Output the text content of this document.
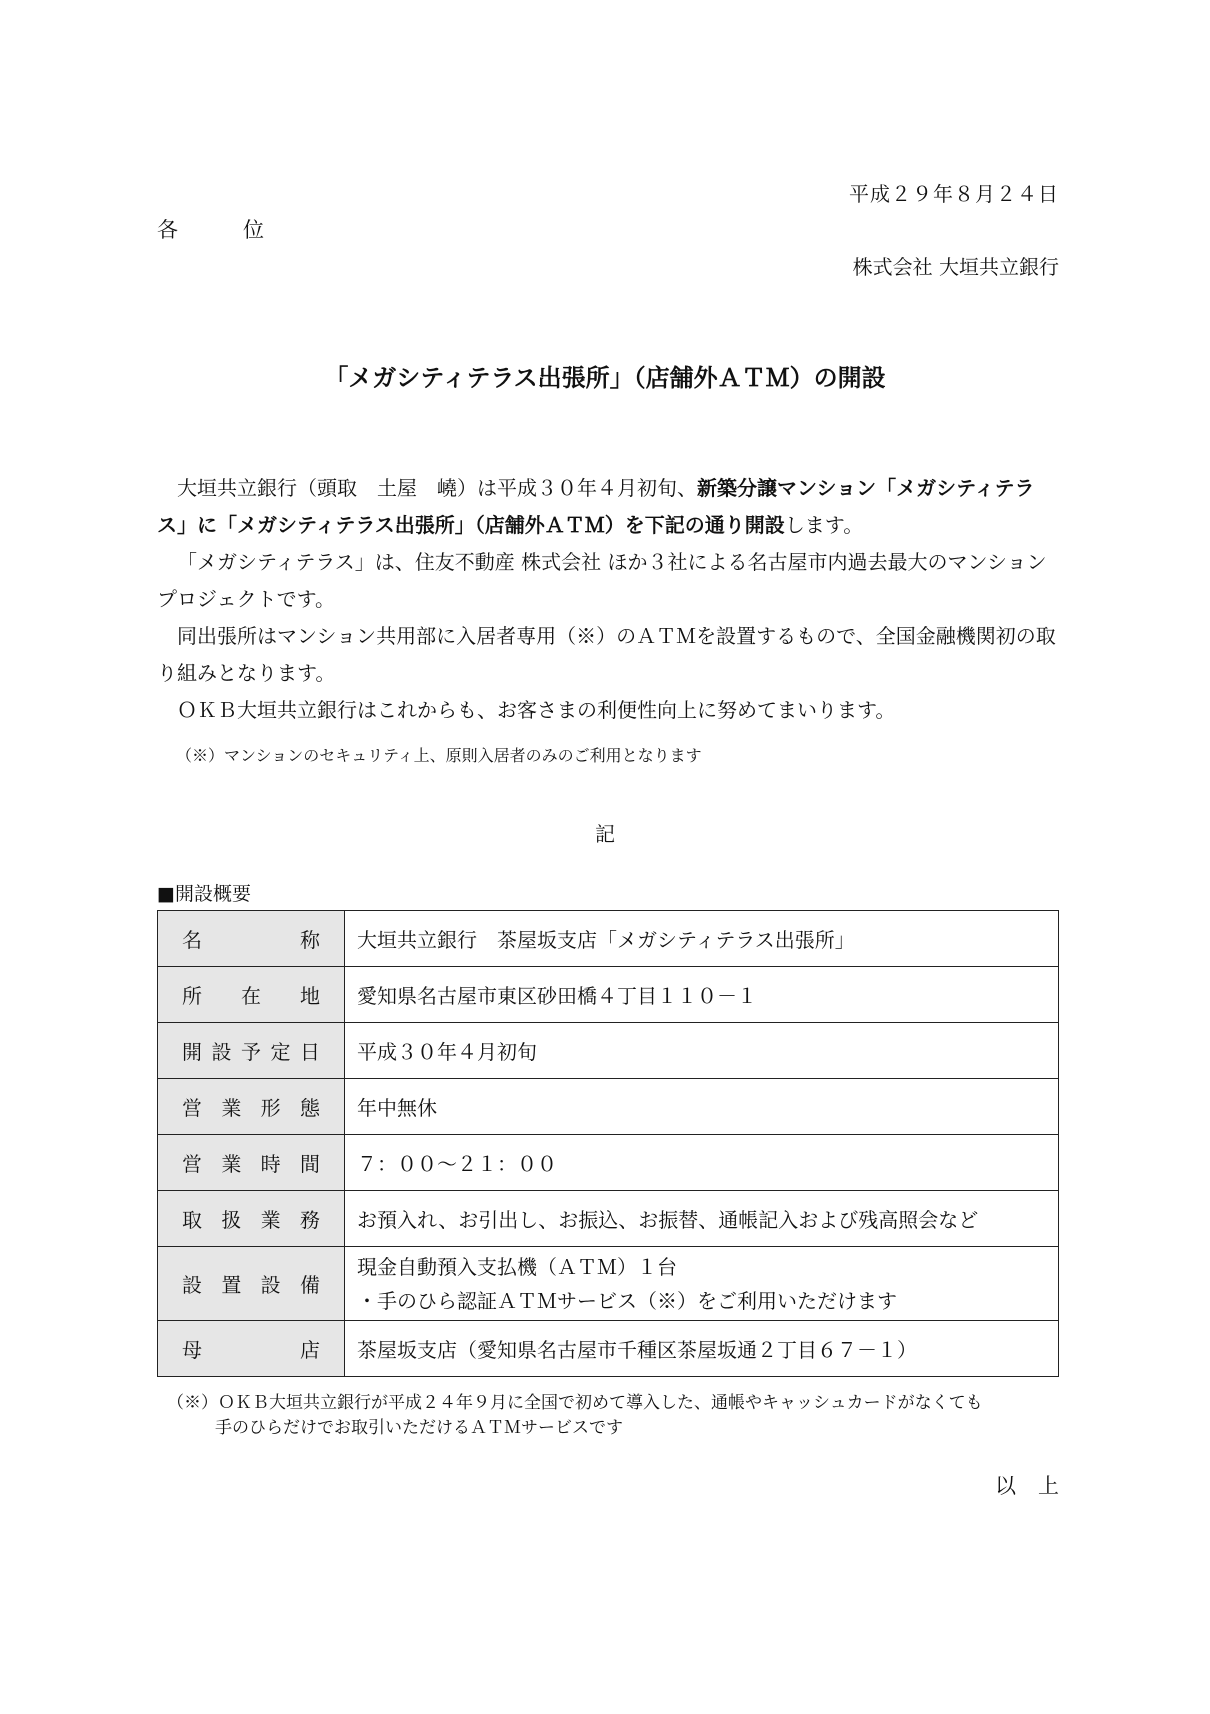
平成２９年８月２４日
各　位
株式会社 大垣共立銀行
「メガシティテラス出張所」（店舗外ＡＴＭ）の開設

大垣共立銀行（頭取　土屋　嶢）は平成３０年４月初旬、新築分譲マンション「メガシティテラス」に「メガシティテラス出張所」（店舗外ＡＴＭ）を下記の通り開設します。

「メガシティテラス」は、住友不動産 株式会社 ほか３社による名古屋市内過去最大のマンションプロジェクトです。

同出張所はマンション共用部に入居者専用（※）のＡＴＭを設置するもので、全国金融機関初の取り組みとなります。

ＯＫＢ大垣共立銀行はこれからも、お客さまの利便性向上に努めてまいります。

（※）マンションのセキュリティ上、原則入居者のみのご利用となります
記
■開設概要
名称	大垣共立銀行　茶屋坂支店「メガシティテラス出張所」
所在地	愛知県名古屋市東区砂田橋４丁目１１０－１
開設予定日	平成３０年４月初旬
営業形態	年中無休
営業時間	７：００～２１：００
取扱業務	お預入れ、お引出し、お振込、お振替、通帳記入および残高照会など
設置設備	現金自動預入支払機（ＡＴＭ）１台
・手のひら認証ＡＴＭサービス（※）をご利用いただけます

母店	茶屋坂支店（愛知県名古屋市千種区茶屋坂通２丁目６７－１）
（※）ＯＫＢ大垣共立銀行が平成２４年９月に全国で初めて導入した、通帳やキャッシュカードがなくても
手のひらだけでお取引いただけるＡＴＭサービスです
以上
